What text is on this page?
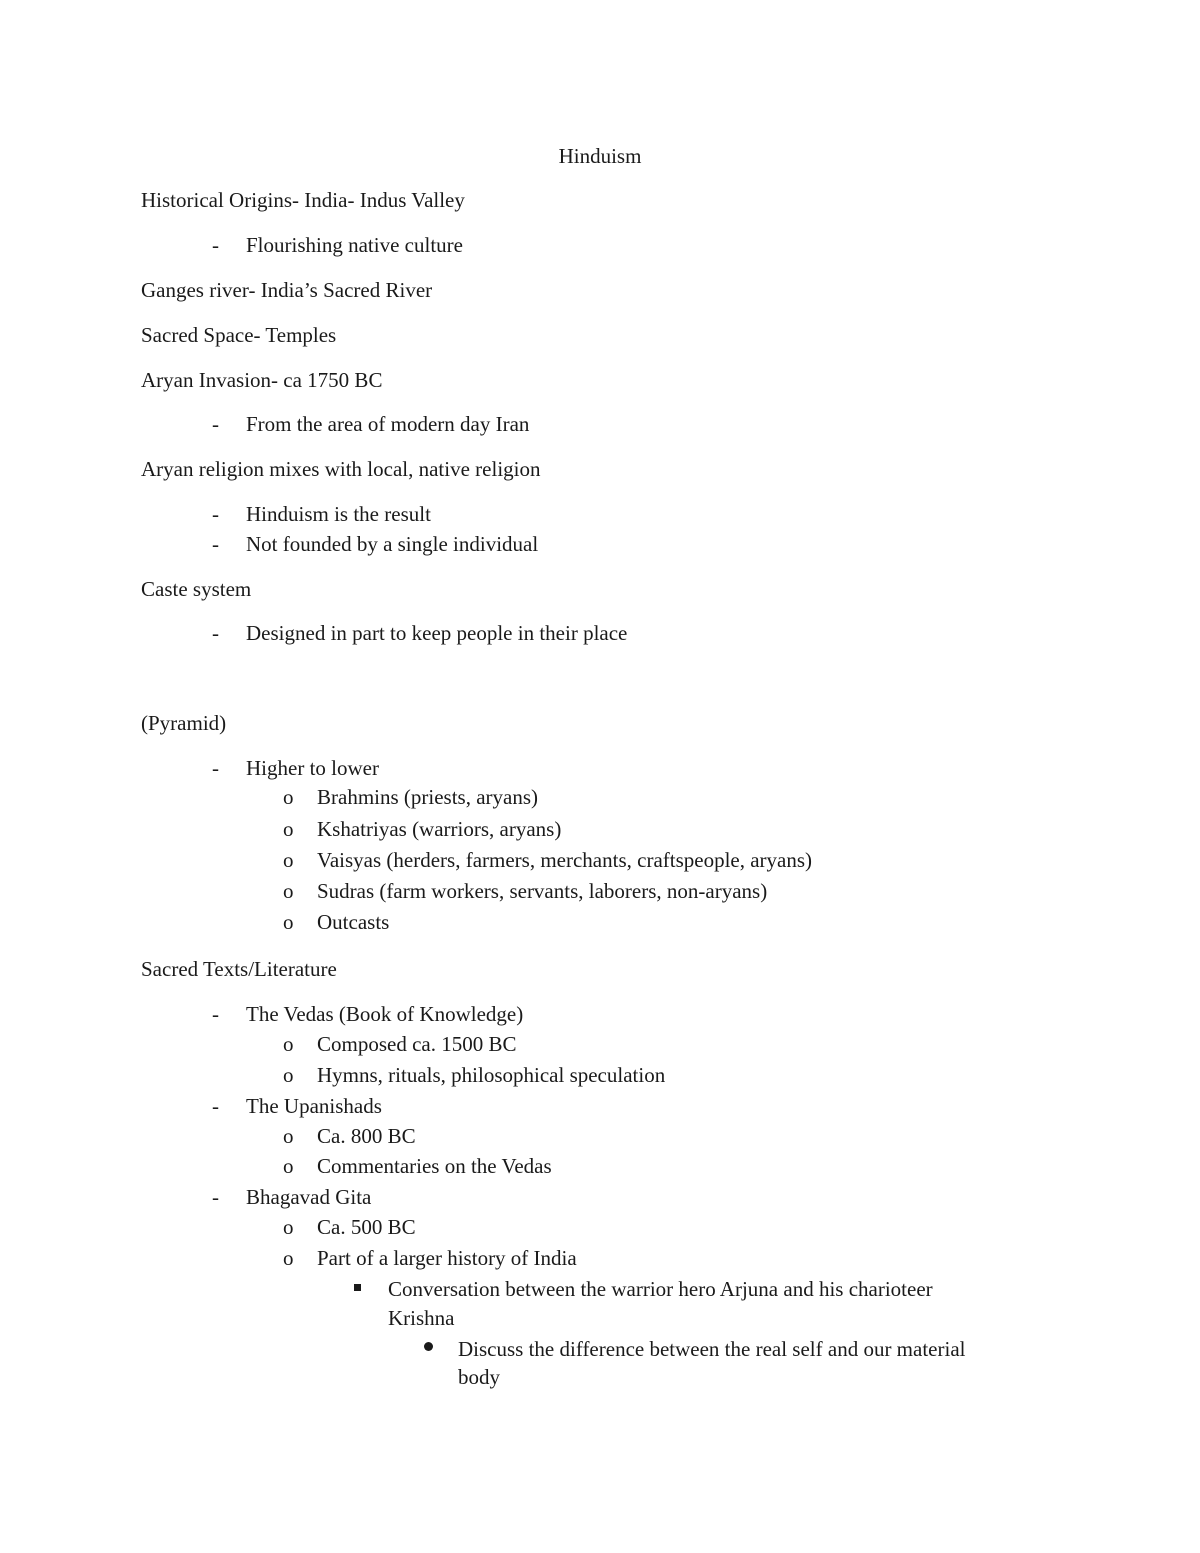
Hinduism
Historical Origins- India- Indus Valley
- Flourishing native culture
Ganges river- India’s Sacred River
Sacred Space- Temples
Aryan Invasion- ca 1750 BC
- From the area of modern day Iran
Aryan religion mixes with local, native religion
- Hinduism is the result
- Not founded by a single individual
Caste system
- Designed in part to keep people in their place
(Pyramid)
- Higher to lower
o Brahmins (priests, aryans)
o Kshatriyas (warriors, aryans)
o Vaisyas (herders, farmers, merchants, craftspeople, aryans)
o Sudras (farm workers, servants, laborers, non-aryans)
o Outcasts
Sacred Texts/Literature
- The Vedas (Book of Knowledge)
o Composed ca. 1500 BC
o Hymns, rituals, philosophical speculation
- The Upanishads
o Ca. 800 BC
o Commentaries on the Vedas
- Bhagavad Gita
o Ca. 500 BC
o Part of a larger history of India
Conversation between the warrior hero Arjuna and his charioteer
Krishna
Discuss the difference between the real self and our material
body
